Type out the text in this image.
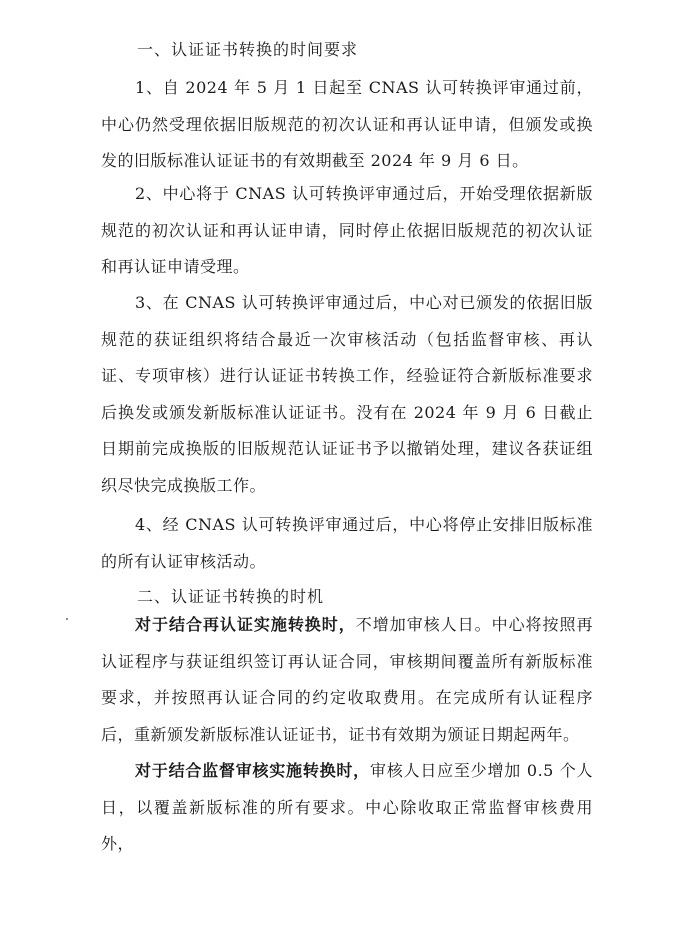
一、认证证书转换的时间要求

1、自 2024 年 5 月 1 日起至 CNAS 认可转换评审通过前，中心仍然受理依据旧版规范的初次认证和再认证申请，但颁发或换发的旧版标准认证证书的有效期截至 2024 年 9 月 6 日。

2、中心将于 CNAS 认可转换评审通过后，开始受理依据新版规范的初次认证和再认证申请，同时停止依据旧版规范的初次认证和再认证申请受理。

3、在 CNAS 认可转换评审通过后，中心对已颁发的依据旧版规范的获证组织将结合最近一次审核活动（包括监督审核、再认证、专项审核）进行认证证书转换工作，经验证符合新版标准要求后换发或颁发新版标准认证证书。没有在 2024 年 9 月 6 日截止日期前完成换版的旧版规范认证证书予以撤销处理，建议各获证组织尽快完成换版工作。

4、经 CNAS 认可转换评审通过后，中心将停止安排旧版标准的所有认证审核活动。

二、认证证书转换的时机

对于结合再认证实施转换时，不增加审核人日。中心将按照再认证程序与获证组织签订再认证合同，审核期间覆盖所有新版标准要求，并按照再认证合同的约定收取费用。在完成所有认证程序后，重新颁发新版标准认证证书，证书有效期为颁证日期起两年。

对于结合监督审核实施转换时，审核人日应至少增加 0.5 个人日，以覆盖新版标准的所有要求。中心除收取正常监督审核费用外，
